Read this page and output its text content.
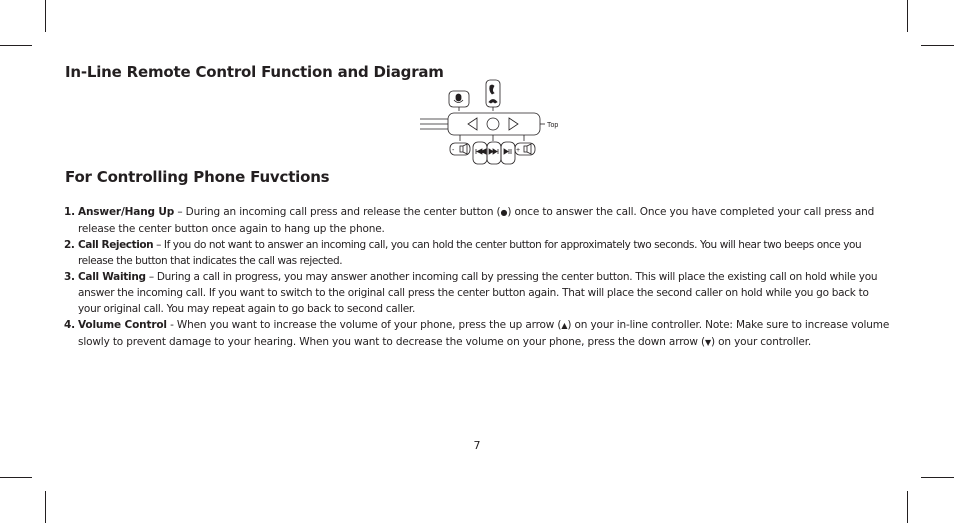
In-Line Remote Control Function and Diagram
Top
-	+
For Controlling Phone Fuvctions
1. Answer/Hang Up – During an incoming call press and release the center button (●) once to answer the call. Once you have completed your call press and release the center button once again to hang up the phone.
2. Call Rejection – If you do not want to answer an incoming call, you can hold the center button for approximately two seconds. You will hear two beeps once you release the button that indicates the call was rejected.
3. Call Waiting – During a call in progress, you may answer another incoming call by pressing the center button. This will place the existing call on hold while you answer the incoming call. If you want to switch to the original call press the center button again. That will place the second caller on hold while you go back to your original call. You may repeat again to go back to second caller.
4. Volume Control - When you want to increase the volume of your phone, press the up arrow (▲) on your in-line controller. Note: Make sure to increase volume slowly to prevent damage to your hearing. When you want to decrease the volume on your phone, press the down arrow (▼) on your controller.
7
